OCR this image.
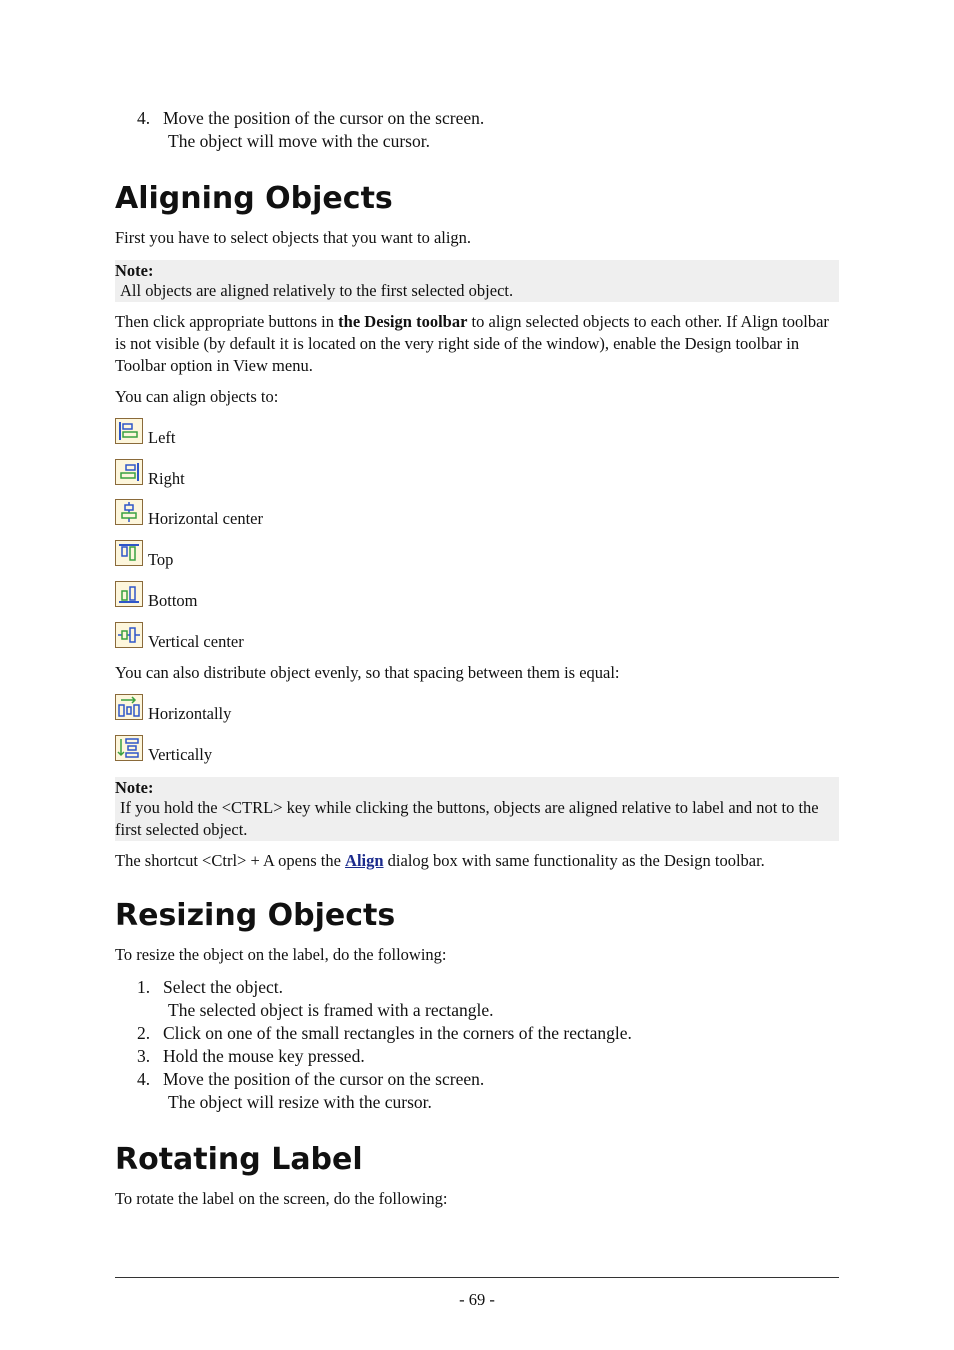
4. Move the position of the cursor on the screen.
The object will move with the cursor.
Aligning Objects
First you have to select objects that you want to align.
Note:
All objects are aligned relatively to the first selected object.
Then click appropriate buttons in the Design toolbar to align selected objects to each other. If Align toolbar is not visible (by default it is located on the very right side of the window), enable the Design toolbar in Toolbar option in View menu.
You can align objects to:
Left
Right
Horizontal center
Top
Bottom
Vertical center
You can also distribute object evenly, so that spacing between them is equal:
Horizontally
Vertically
Note:
If you hold the <CTRL> key while clicking the buttons, objects are aligned relative to label and not to the first selected object.
The shortcut <Ctrl> + A opens the Align dialog box with same functionality as the Design toolbar.
Resizing Objects
To resize the object on the label, do the following:
1. Select the object.
The selected object is framed with a rectangle.
2. Click on one of the small rectangles in the corners of the rectangle.
3. Hold the mouse key pressed.
4. Move the position of the cursor on the screen.
The object will resize with the cursor.
Rotating Label
To rotate the label on the screen, do the following:
- 69 -
